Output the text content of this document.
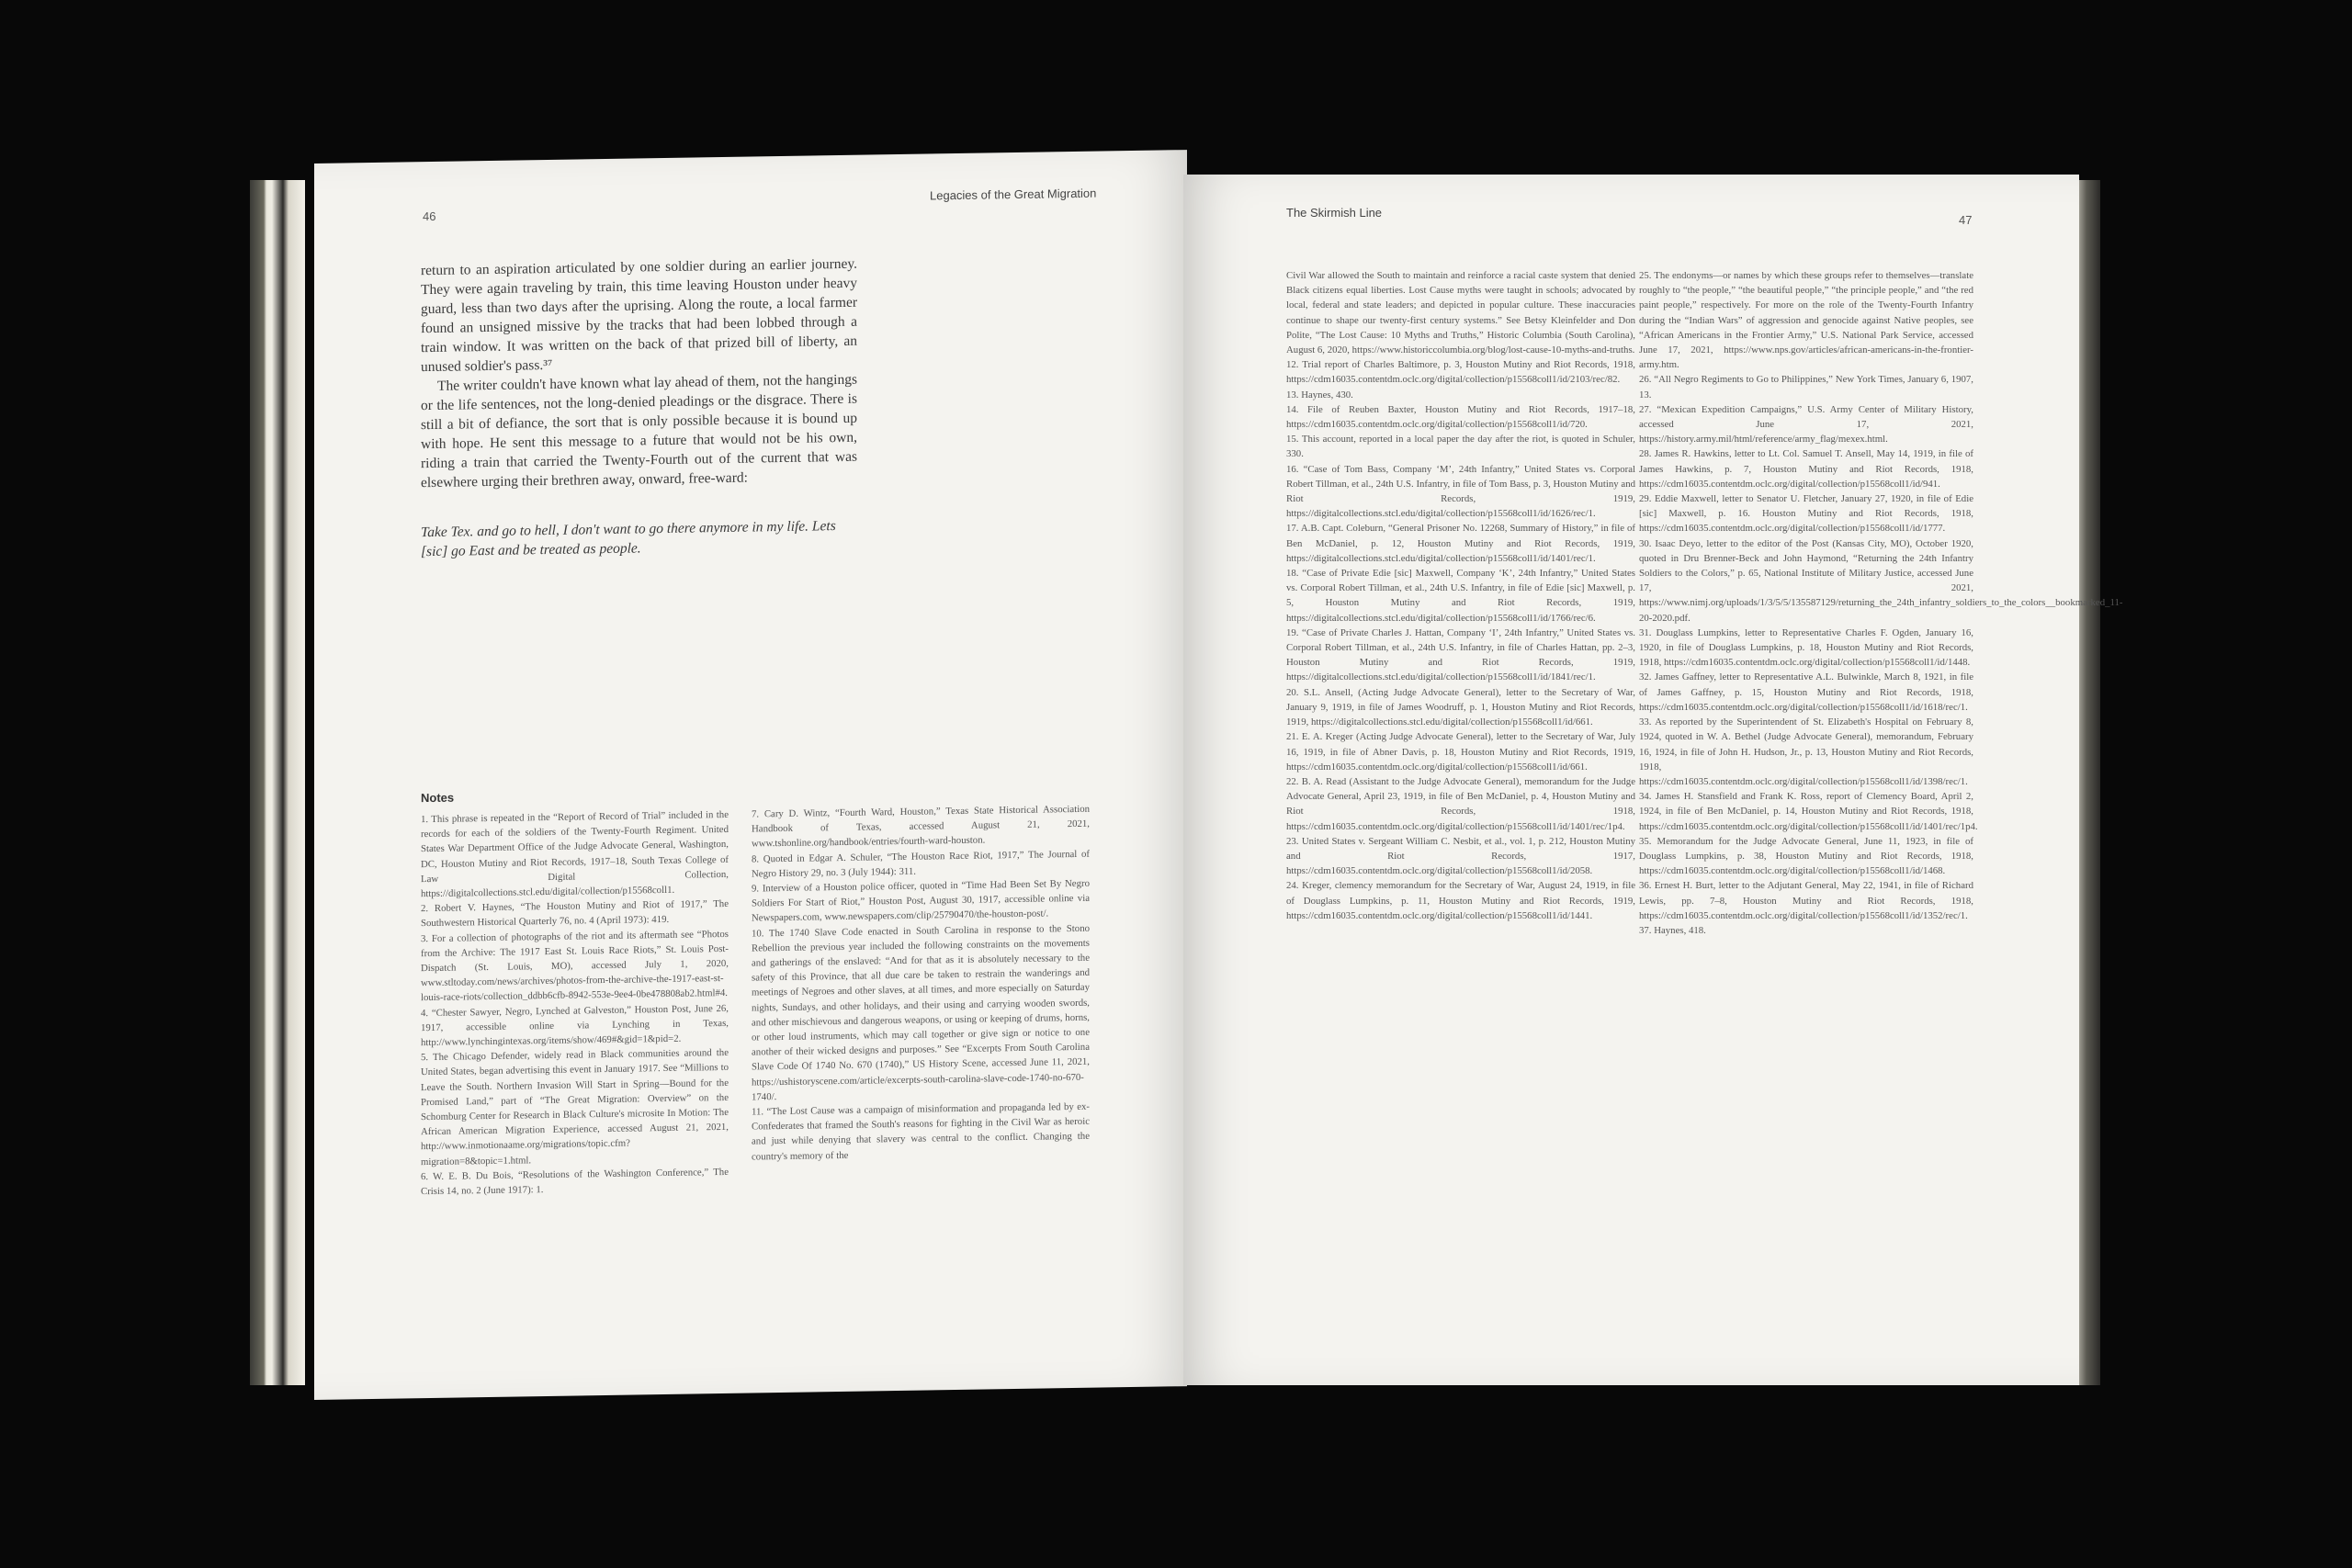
46
Legacies of the Great Migration

return to an aspiration articulated by one soldier during an earlier journey. They were again traveling by train, this time leaving Houston under heavy guard, less than two days after the uprising. Along the route, a local farmer found an unsigned missive by the tracks that had been lobbed through a train window. It was written on the back of that prized bill of liberty, an unused soldier's pass.³⁷

The writer couldn't have known what lay ahead of them, not the hangings or the life sentences, not the long-denied pleadings or the disgrace. There is still a bit of defiance, the sort that is only possible because it is bound up with hope. He sent this message to a future that would not be his own, riding a train that carried the Twenty-Fourth out of the current that was elsewhere urging their brethren away, onward, free-ward:

Take Tex. and go to hell, I don't want to go there anymore in my life. Lets [sic] go East and be treated as people.
Notes

1. This phrase is repeated in the “Report of Record of Trial” included in the records for each of the soldiers of the Twenty-Fourth Regiment. United States War Department Office of the Judge Advocate General, Washington, DC, Houston Mutiny and Riot Records, 1917–18, South Texas College of Law Digital Collection, https://digitalcollections.stcl.edu/digital/collection/p15568coll1.

2. Robert V. Haynes, “The Houston Mutiny and Riot of 1917,” The Southwestern Historical Quarterly 76, no. 4 (April 1973): 419.

3. For a collection of photographs of the riot and its aftermath see “Photos from the Archive: The 1917 East St. Louis Race Riots,” St. Louis Post-Dispatch (St. Louis, MO), accessed July 1, 2020, www.stltoday.com/news/archives/photos-from-the-archive-the-1917-east-st-louis-race-riots/collection_ddbb6cfb-8942-553e-9ee4-0be478808ab2.html#4.

4. “Chester Sawyer, Negro, Lynched at Galveston,” Houston Post, June 26, 1917, accessible online via Lynching in Texas, http://www.lynchingintexas.org/items/show/469#&gid=1&pid=2.

5. The Chicago Defender, widely read in Black communities around the United States, began advertising this event in January 1917. See “Millions to Leave the South. Northern Invasion Will Start in Spring—Bound for the Promised Land,” part of “The Great Migration: Overview” on the Schomburg Center for Research in Black Culture's microsite In Motion: The African American Migration Experience, accessed August 21, 2021, http://www.inmotionaame.org/migrations/topic.cfm?migration=8&topic=1.html.

6. W. E. B. Du Bois, “Resolutions of the Washington Conference,” The Crisis 14, no. 2 (June 1917): 1.

7. Cary D. Wintz, “Fourth Ward, Houston,” Texas State Historical Association Handbook of Texas, accessed August 21, 2021, www.tshonline.org/handbook/entries/fourth-ward-houston.

8. Quoted in Edgar A. Schuler, “The Houston Race Riot, 1917,” The Journal of Negro History 29, no. 3 (July 1944): 311.

9. Interview of a Houston police officer, quoted in “Time Had Been Set By Negro Soldiers For Start of Riot,” Houston Post, August 30, 1917, accessible online via Newspapers.com, www.newspapers.com/clip/25790470/the-houston-post/.

10. The 1740 Slave Code enacted in South Carolina in response to the Stono Rebellion the previous year included the following constraints on the movements and gatherings of the enslaved: “And for that as it is absolutely necessary to the safety of this Province, that all due care be taken to restrain the wanderings and meetings of Negroes and other slaves, at all times, and more especially on Saturday nights, Sundays, and other holidays, and their using and carrying wooden swords, and other mischievous and dangerous weapons, or using or keeping of drums, horns, or other loud instruments, which may call together or give sign or notice to one another of their wicked designs and purposes.” See “Excerpts From South Carolina Slave Code Of 1740 No. 670 (1740),” US History Scene, accessed June 11, 2021, https://ushistoryscene.com/article/excerpts-south-carolina-slave-code-1740-no-670-1740/.

11. “The Lost Cause was a campaign of misinformation and propaganda led by ex-Confederates that framed the South's reasons for fighting in the Civil War as heroic and just while denying that slavery was central to the conflict. Changing the country's memory of the

The Skirmish Line
47

Civil War allowed the South to maintain and reinforce a racial caste system that denied Black citizens equal liberties. Lost Cause myths were taught in schools; advocated by local, federal and state leaders; and depicted in popular culture. These inaccuracies continue to shape our twenty-first century systems.” See Betsy Kleinfelder and Don Polite, “The Lost Cause: 10 Myths and Truths,” Historic Columbia (South Carolina), August 6, 2020, https://www.historiccolumbia.org/blog/lost-cause-10-myths-and-truths.

12. Trial report of Charles Baltimore, p. 3, Houston Mutiny and Riot Records, 1918, https://cdm16035.contentdm.oclc.org/digital/collection/p15568coll1/id/2103/rec/82.

13. Haynes, 430.

14. File of Reuben Baxter, Houston Mutiny and Riot Records, 1917–18, https://cdm16035.contentdm.oclc.org/digital/collection/p15568coll1/id/720.

15. This account, reported in a local paper the day after the riot, is quoted in Schuler, 330.

16. “Case of Tom Bass, Company ‘M’, 24th Infantry,” United States vs. Corporal Robert Tillman, et al., 24th U.S. Infantry, in file of Tom Bass, p. 3, Houston Mutiny and Riot Records, 1919, https://digitalcollections.stcl.edu/digital/collection/p15568coll1/id/1626/rec/1.

17. A.B. Capt. Coleburn, “General Prisoner No. 12268, Summary of History,” in file of Ben McDaniel, p. 12, Houston Mutiny and Riot Records, 1919, https://digitalcollections.stcl.edu/digital/collection/p15568coll1/id/1401/rec/1.

18. “Case of Private Edie [sic] Maxwell, Company ‘K’, 24th Infantry,” United States vs. Corporal Robert Tillman, et al., 24th U.S. Infantry, in file of Edie [sic] Maxwell, p. 5, Houston Mutiny and Riot Records, 1919, https://digitalcollections.stcl.edu/digital/collection/p15568coll1/id/1766/rec/6.

19. “Case of Private Charles J. Hattan, Company ‘I’, 24th Infantry,” United States vs. Corporal Robert Tillman, et al., 24th U.S. Infantry, in file of Charles Hattan, pp. 2–3, Houston Mutiny and Riot Records, 1919, https://digitalcollections.stcl.edu/digital/collection/p15568coll1/id/1841/rec/1.

20. S.L. Ansell, (Acting Judge Advocate General), letter to the Secretary of War, January 9, 1919, in file of James Woodruff, p. 1, Houston Mutiny and Riot Records, 1919, https://digitalcollections.stcl.edu/digital/collection/p15568coll1/id/661.

21. E. A. Kreger (Acting Judge Advocate General), letter to the Secretary of War, July 16, 1919, in file of Abner Davis, p. 18, Houston Mutiny and Riot Records, 1919, https://cdm16035.contentdm.oclc.org/digital/collection/p15568coll1/id/661.

22. B. A. Read (Assistant to the Judge Advocate General), memorandum for the Judge Advocate General, April 23, 1919, in file of Ben McDaniel, p. 4, Houston Mutiny and Riot Records, 1918, https://cdm16035.contentdm.oclc.org/digital/collection/p15568coll1/id/1401/rec/1p4.

23. United States v. Sergeant William C. Nesbit, et al., vol. 1, p. 212, Houston Mutiny and Riot Records, 1917, https://cdm16035.contentdm.oclc.org/digital/collection/p15568coll1/id/2058.

24. Kreger, clemency memorandum for the Secretary of War, August 24, 1919, in file of Douglass Lumpkins, p. 11, Houston Mutiny and Riot Records, 1919, https://cdm16035.contentdm.oclc.org/digital/collection/p15568coll1/id/1441.

25. The endonyms—or names by which these groups refer to themselves—translate roughly to “the people,” “the beautiful people,” “the principle people,” and “the red paint people,” respectively. For more on the role of the Twenty-Fourth Infantry during the “Indian Wars” of aggression and genocide against Native peoples, see “African Americans in the Frontier Army,” U.S. National Park Service, accessed June 17, 2021, https://www.nps.gov/articles/african-americans-in-the-frontier-army.htm.

26. “All Negro Regiments to Go to Philippines,” New York Times, January 6, 1907, 13.

27. “Mexican Expedition Campaigns,” U.S. Army Center of Military History, accessed June 17, 2021, https://history.army.mil/html/reference/army_flag/mexex.html.

28. James R. Hawkins, letter to Lt. Col. Samuel T. Ansell, May 14, 1919, in file of James Hawkins, p. 7, Houston Mutiny and Riot Records, 1918, https://cdm16035.contentdm.oclc.org/digital/collection/p15568coll1/id/941.

29. Eddie Maxwell, letter to Senator U. Fletcher, January 27, 1920, in file of Edie [sic] Maxwell, p. 16. Houston Mutiny and Riot Records, 1918, https://cdm16035.contentdm.oclc.org/digital/collection/p15568coll1/id/1777.

30. Isaac Deyo, letter to the editor of the Post (Kansas City, MO), October 1920, quoted in Dru Brenner-Beck and John Haymond, “Returning the 24th Infantry Soldiers to the Colors,” p. 65, National Institute of Military Justice, accessed June 17, 2021, https://www.nimj.org/uploads/1/3/5/5/135587129/returning_the_24th_infantry_soldiers_to_the_colors__bookmarked_11-20-2020.pdf.

31. Douglass Lumpkins, letter to Representative Charles F. Ogden, January 16, 1920, in file of Douglass Lumpkins, p. 18, Houston Mutiny and Riot Records, 1918, https://cdm16035.contentdm.oclc.org/digital/collection/p15568coll1/id/1448.

32. James Gaffney, letter to Representative A.L. Bulwinkle, March 8, 1921, in file of James Gaffney, p. 15, Houston Mutiny and Riot Records, 1918, https://cdm16035.contentdm.oclc.org/digital/collection/p15568coll1/id/1618/rec/1.

33. As reported by the Superintendent of St. Elizabeth's Hospital on February 8, 1924, quoted in W. A. Bethel (Judge Advocate General), memorandum, February 16, 1924, in file of John H. Hudson, Jr., p. 13, Houston Mutiny and Riot Records, 1918, https://cdm16035.contentdm.oclc.org/digital/collection/p15568coll1/id/1398/rec/1.

34. James H. Stansfield and Frank K. Ross, report of Clemency Board, April 2, 1924, in file of Ben McDaniel, p. 14, Houston Mutiny and Riot Records, 1918, https://cdm16035.contentdm.oclc.org/digital/collection/p15568coll1/id/1401/rec/1p4.

35. Memorandum for the Judge Advocate General, June 11, 1923, in file of Douglass Lumpkins, p. 38, Houston Mutiny and Riot Records, 1918, https://cdm16035.contentdm.oclc.org/digital/collection/p15568coll1/id/1468.

36. Ernest H. Burt, letter to the Adjutant General, May 22, 1941, in file of Richard Lewis, pp. 7–8, Houston Mutiny and Riot Records, 1918, https://cdm16035.contentdm.oclc.org/digital/collection/p15568coll1/id/1352/rec/1.

37. Haynes, 418.
